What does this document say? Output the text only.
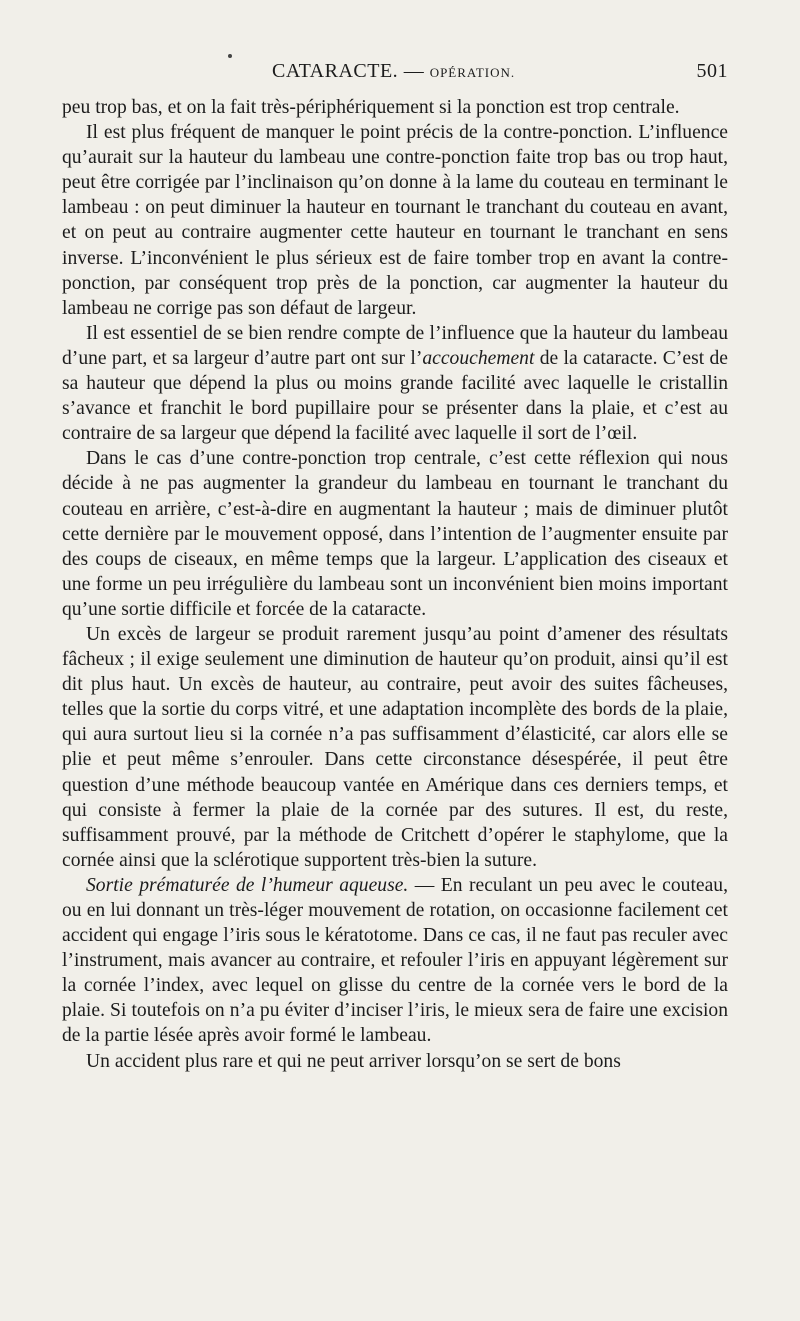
CATARACTE. — OPÉRATION.	501

peu trop bas, et on la fait très-périphériquement si la ponction est trop centrale.

Il est plus fréquent de manquer le point précis de la contre-ponction. L’influence qu’aurait sur la hauteur du lambeau une contre-ponction faite trop bas ou trop haut, peut être corrigée par l’inclinaison qu’on donne à la lame du couteau en terminant le lambeau : on peut diminuer la hauteur en tournant le tranchant du couteau en avant, et on peut au contraire augmenter cette hauteur en tournant le tranchant en sens inverse. L’inconvénient le plus sérieux est de faire tomber trop en avant la contre-ponction, par conséquent trop près de la ponction, car augmenter la hauteur du lambeau ne corrige pas son défaut de largeur.

Il est essentiel de se bien rendre compte de l’influence que la hauteur du lambeau d’une part, et sa largeur d’autre part ont sur l’accouchement de la cataracte. C’est de sa hauteur que dépend la plus ou moins grande facilité avec laquelle le cristallin s’avance et franchit le bord pupillaire pour se présenter dans la plaie, et c’est au contraire de sa largeur que dépend la facilité avec laquelle il sort de l’œil.

Dans le cas d’une contre-ponction trop centrale, c’est cette réflexion qui nous décide à ne pas augmenter la grandeur du lambeau en tournant le tranchant du couteau en arrière, c’est-à-dire en augmentant la hauteur ; mais de diminuer plutôt cette dernière par le mouvement opposé, dans l’intention de l’augmenter ensuite par des coups de ciseaux, en même temps que la largeur. L’application des ciseaux et une forme un peu irrégulière du lambeau sont un inconvénient bien moins important qu’une sortie difficile et forcée de la cataracte.

Un excès de largeur se produit rarement jusqu’au point d’amener des résultats fâcheux ; il exige seulement une diminution de hauteur qu’on produit, ainsi qu’il est dit plus haut. Un excès de hauteur, au contraire, peut avoir des suites fâcheuses, telles que la sortie du corps vitré, et une adaptation incomplète des bords de la plaie, qui aura surtout lieu si la cornée n’a pas suffisamment d’élasticité, car alors elle se plie et peut même s’enrouler. Dans cette circonstance désespérée, il peut être question d’une méthode beaucoup vantée en Amérique dans ces derniers temps, et qui consiste à fermer la plaie de la cornée par des sutures. Il est, du reste, suffisamment prouvé, par la méthode de Critchett d’opérer le staphylome, que la cornée ainsi que la sclérotique supportent très-bien la suture.

Sortie prématurée de l’humeur aqueuse. — En reculant un peu avec le couteau, ou en lui donnant un très-léger mouvement de rotation, on occasionne facilement cet accident qui engage l’iris sous le kératotome. Dans ce cas, il ne faut pas reculer avec l’instrument, mais avancer au contraire, et refouler l’iris en appuyant légèrement sur la cornée l’index, avec lequel on glisse du centre de la cornée vers le bord de la plaie. Si toutefois on n’a pu éviter d’inciser l’iris, le mieux sera de faire une excision de la partie lésée après avoir formé le lambeau.

Un accident plus rare et qui ne peut arriver lorsqu’on se sert de bons
